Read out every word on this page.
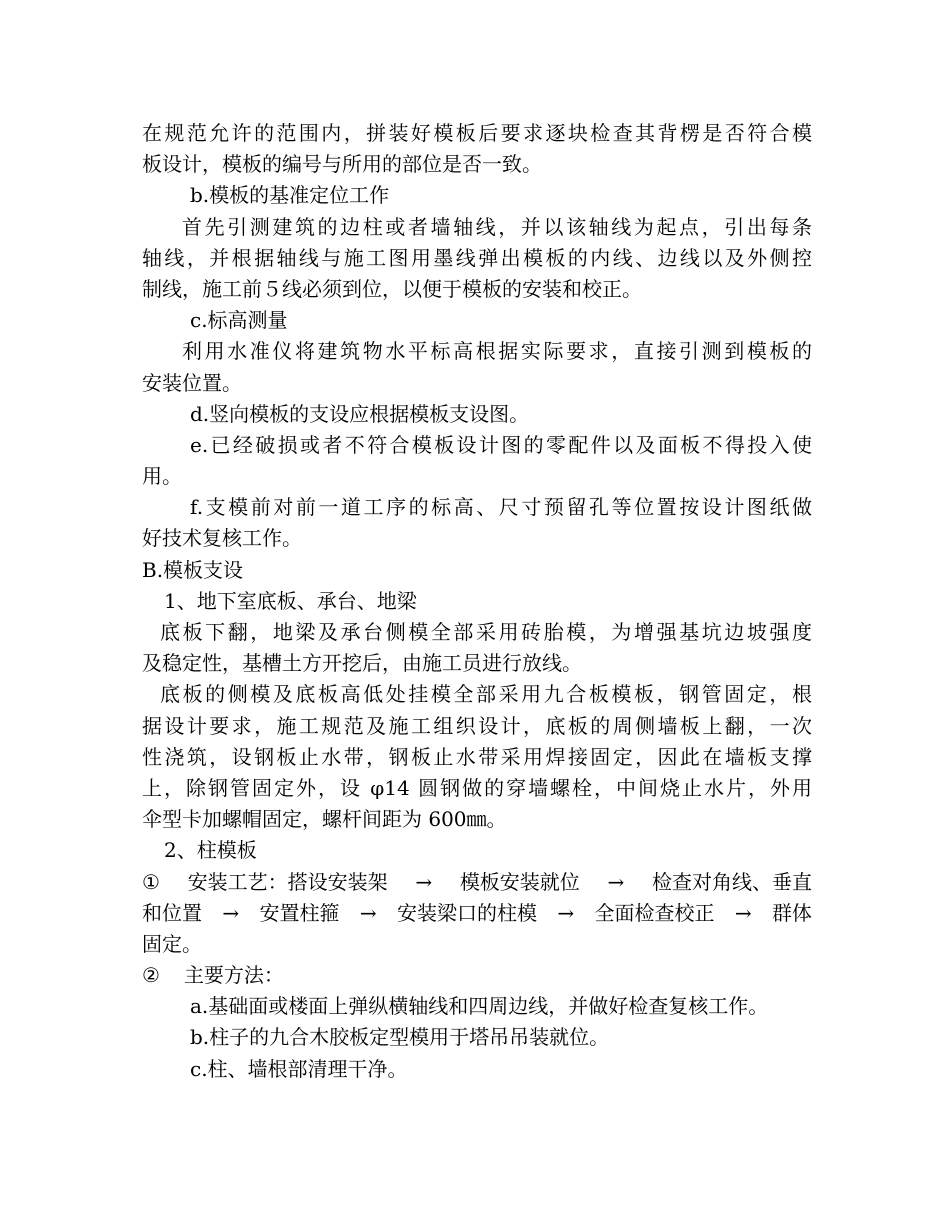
在规范允许的范围内，拼装好模板后要求逐块检查其背楞是否符合模
板设计，模板的编号与所用的部位是否一致。
b.模板的基准定位工作
首先引测建筑的边柱或者墙轴线，并以该轴线为起点，引出每条
轴线，并根据轴线与施工图用墨线弹出模板的内线、边线以及外侧控
制线，施工前５线必须到位，以便于模板的安装和校正。
c.标高测量
利用水准仪将建筑物水平标高根据实际要求，直接引测到模板的
安装位置。
d.竖向模板的支设应根据模板支设图。
e.已经破损或者不符合模板设计图的零配件以及面板不得投入使
用。
f.支模前对前一道工序的标高、尺寸预留孔等位置按设计图纸做
好技术复核工作。
B.模板支设
1、地下室底板、承台、地梁
底板下翻，地梁及承台侧模全部采用砖胎模，为增强基坑边坡强度
及稳定性，基槽土方开挖后，由施工员进行放线。
底板的侧模及底板高低处挂模全部采用九合板模板，钢管固定，根
据设计要求，施工规范及施工组织设计，底板的周侧墙板上翻，一次
性浇筑，设钢板止水带，钢板止水带采用焊接固定，因此在墙板支撑
上，除钢管固定外，设 φ14 圆钢做的穿墙螺栓，中间烧止水片，外用
伞型卡加螺帽固定，螺杆间距为 600㎜。
2、柱模板
① 安装工艺：搭设安装架 → 模板安装就位 → 检查对角线、垂直
和位置 → 安置柱箍 → 安装梁口的柱模 → 全面检查校正 → 群体
固定。
② 主要方法：
a.基础面或楼面上弹纵横轴线和四周边线，并做好检查复核工作。
b.柱子的九合木胶板定型模用于塔吊吊装就位。
c.柱、墙根部清理干净。
